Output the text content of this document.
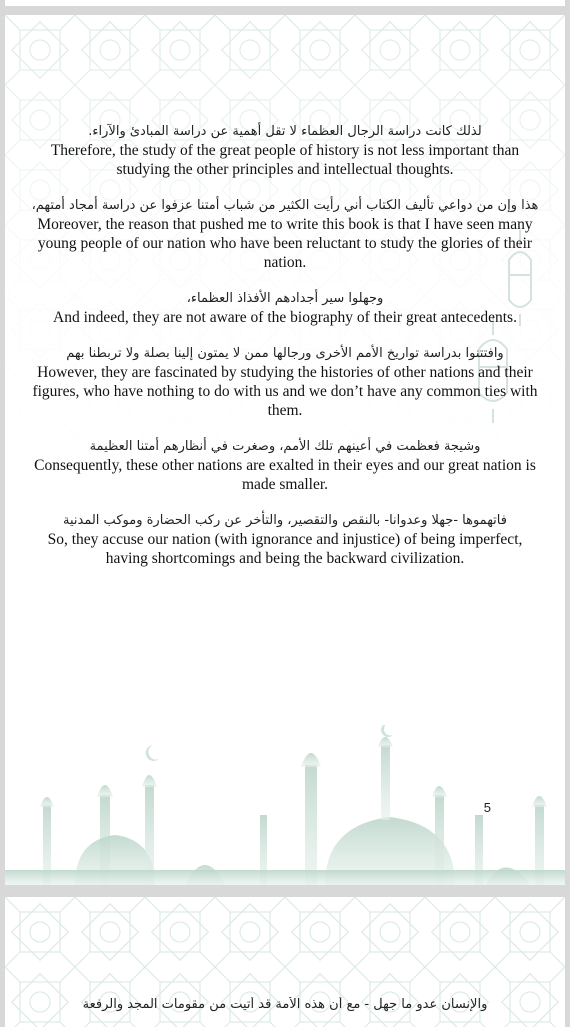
لذلك كانت دراسة الرجال العظماء لا تقل أهمية عن دراسة المبادئ والآراء.

Therefore, the study of the great people of history is not less important than studying the other principles and intellectual thoughts.

هذا وإن من دواعي تأليف الكتاب أني رأيت الكثير من شباب أمتنا عزفوا عن دراسة أمجاد أمتهم،

Moreover, the reason that pushed me to write this book is that I have seen many young people of our nation who have been reluctant to study the glories of their nation.

وجهلوا سير أجدادهم الأفذاذ العظماء،

And indeed, they are not aware of the biography of their great antecedents.

وافتتنوا بدراسة تواريخ الأمم الأخرى ورجالها ممن لا يمتون إلينا بصلة ولا تربطنا بهم

However, they are fascinated by studying the histories of other nations and their figures, who have nothing to do with us and we don’t have any common ties with them.

وشيجة فعظمت في أعينهم تلك الأمم، وصغرت في أنظارهم أمتنا العظيمة

Consequently, these other nations are exalted in their eyes and our great nation is made smaller.

فاتهموها -جهلا وعدوانا- بالنقص والتقصير، والتأخر عن ركب الحضارة وموكب المدنية

So, they accuse our nation (with ignorance and injustice) of being imperfect, having shortcomings and being the backward civilization.

5
والإنسان عدو ما جهل - مع أن هذه الأمة قد أتيت من مقومات المجد والرفعة
